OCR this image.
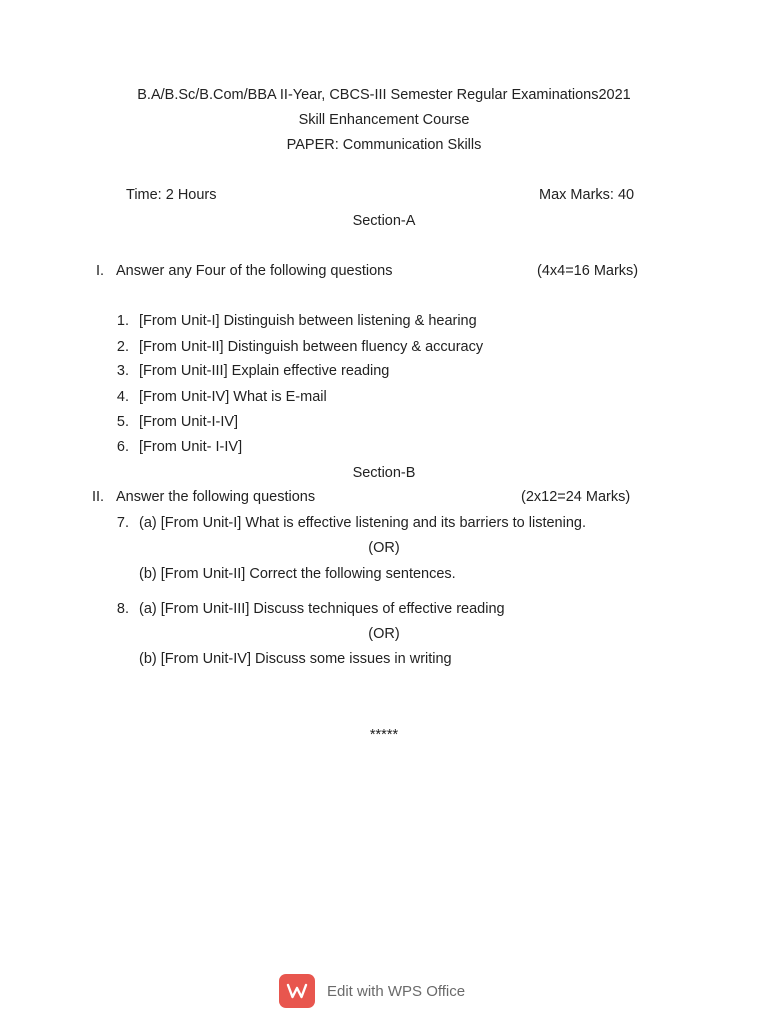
B.A/B.Sc/B.Com/BBA II-Year, CBCS-III Semester Regular Examinations2021
Skill Enhancement Course
PAPER: Communication Skills
Time: 2 Hours	Max Marks: 40
Section-A
I. Answer any Four of the following questions	(4x4=16 Marks)
1. [From Unit-I] Distinguish between listening & hearing
2. [From Unit-II] Distinguish between fluency & accuracy
3. [From Unit-III] Explain effective reading
4. [From Unit-IV] What is E-mail
5. [From Unit-I-IV]
6. [From Unit- I-IV]
Section-B
II. Answer the following questions	(2x12=24 Marks)
7. (a) [From Unit-I] What is effective listening and its barriers to listening.
(OR)
(b) [From Unit-II] Correct the following sentences.
8. (a) [From Unit-III] Discuss techniques of effective reading
(OR)
(b) [From Unit-IV] Discuss some issues in writing
*****
Edit with WPS Office
